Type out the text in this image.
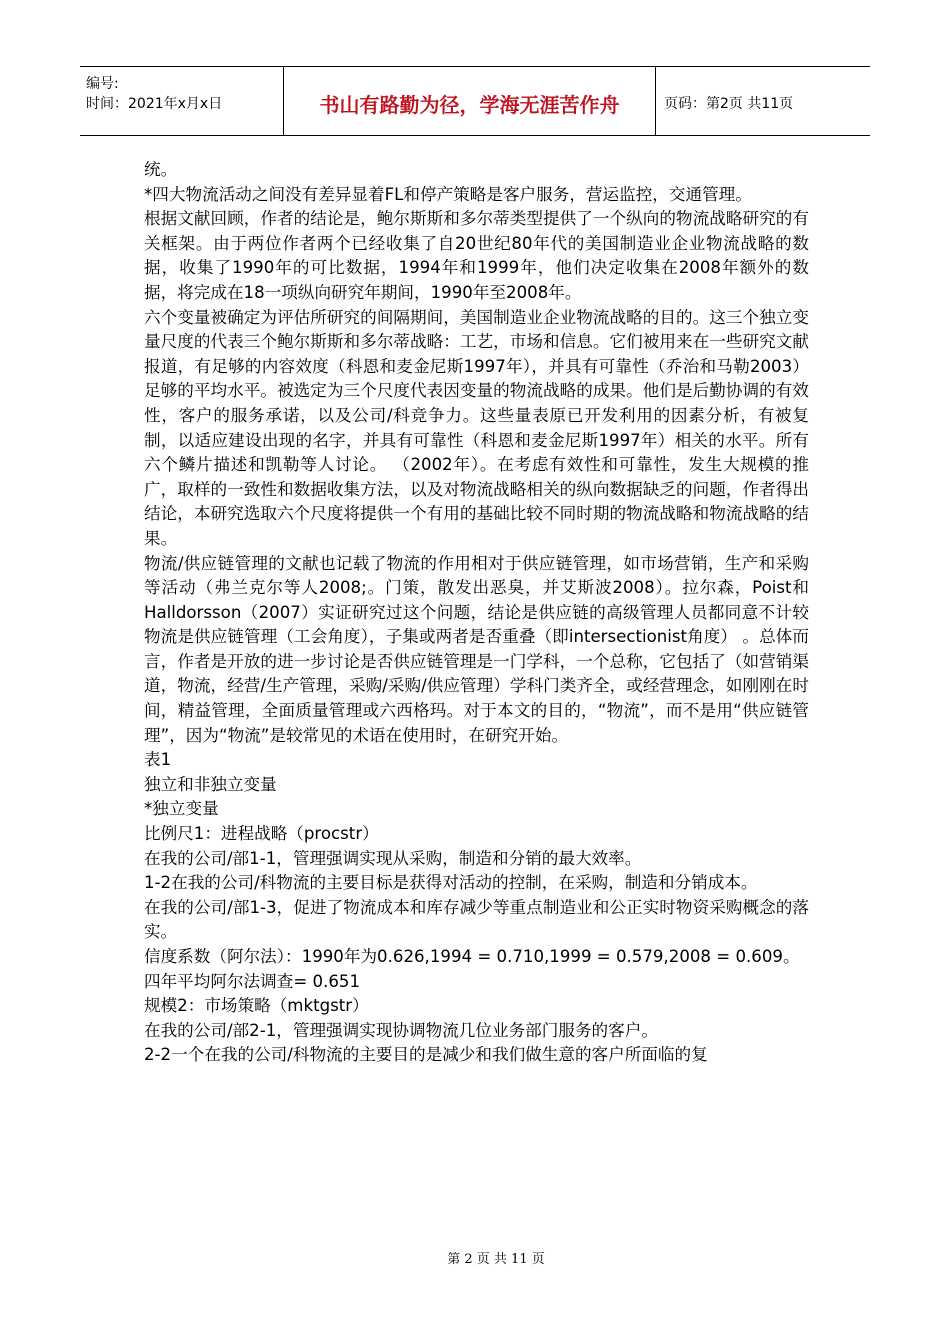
编号:
时间：2021年x月x日	书山有路勤为径，学海无涯苦作舟	页码：第2页 共11页

统。

*四大物流活动之间没有差异显着FL和停产策略是客户服务，营运监控，交通管理。

根据文献回顾，作者的结论是，鲍尔斯斯和多尔蒂类型提供了一个纵向的物流战略研究的有关框架。由于两位作者两个已经收集了自20世纪80年代的美国制造业企业物流战略的数据，收集了1990年的可比数据，1994年和1999年，他们决定收集在2008年额外的数据，将完成在18一项纵向研究年期间，1990年至2008年。

六个变量被确定为评估所研究的间隔期间，美国制造业企业物流战略的目的。这三个独立变量尺度的代表三个鲍尔斯斯和多尔蒂战略：工艺，市场和信息。它们被用来在一些研究文献报道，有足够的内容效度（科恩和麦金尼斯1997年），并具有可靠性（乔治和马勒2003）足够的平均水平。被选定为三个尺度代表因变量的物流战略的成果。他们是后勤协调的有效性，客户的服务承诺，以及公司/科竞争力。这些量表原已开发利用的因素分析，有被复制，以适应建设出现的名字，并具有可靠性（科恩和麦金尼斯1997年）相关的水平。所有六个鳞片描述和凯勒等人讨论。 （2002年）。在考虑有效性和可靠性，发生大规模的推广，取样的一致性和数据收集方法，以及对物流战略相关的纵向数据缺乏的问题，作者得出结论，本研究选取六个尺度将提供一个有用的基础比较不同时期的物流战略和物流战略的结果。

物流/供应链管理的文献也记载了物流的作用相对于供应链管理，如市场营销，生产和采购等活动（弗兰克尔等人2008;。门策，散发出恶臭，并艾斯波2008）。拉尔森，Poist和Halldorsson（2007）实证研究过这个问题，结论是供应链的高级管理人员都同意不计较物流是供应链管理（工会角度），子集或两者是否重叠（即intersectionist角度） 。总体而言，作者是开放的进一步讨论是否供应链管理是一门学科，一个总称，它包括了（如营销渠道，物流，经营/生产管理，采购/采购/供应管理）学科门类齐全，或经营理念，如刚刚在时间，精益管理，全面质量管理或六西格玛。对于本文的目的，“物流”，而不是用“供应链管理”，因为“物流”是较常见的术语在使用时，在研究开始。

表1

独立和非独立变量

*独立变量

比例尺1：进程战略（procstr）

在我的公司/部1-1，管理强调实现从采购，制造和分销的最大效率。

1-2在我的公司/科物流的主要目标是获得对活动的控制，在采购，制造和分销成本。

在我的公司/部1-3，促进了物流成本和库存减少等重点制造业和公正实时物资采购概念的落实。

信度系数（阿尔法）：1990年为0.626,1994 = 0.710,1999 = 0.579,2008 = 0.609。

四年平均阿尔法调查= 0.651

规模2：市场策略（mktgstr）

在我的公司/部2-1，管理强调实现协调物流几位业务部门服务的客户。

2-2一个在我的公司/科物流的主要目的是减少和我们做生意的客户所面临的复

第 2 页 共 11 页
